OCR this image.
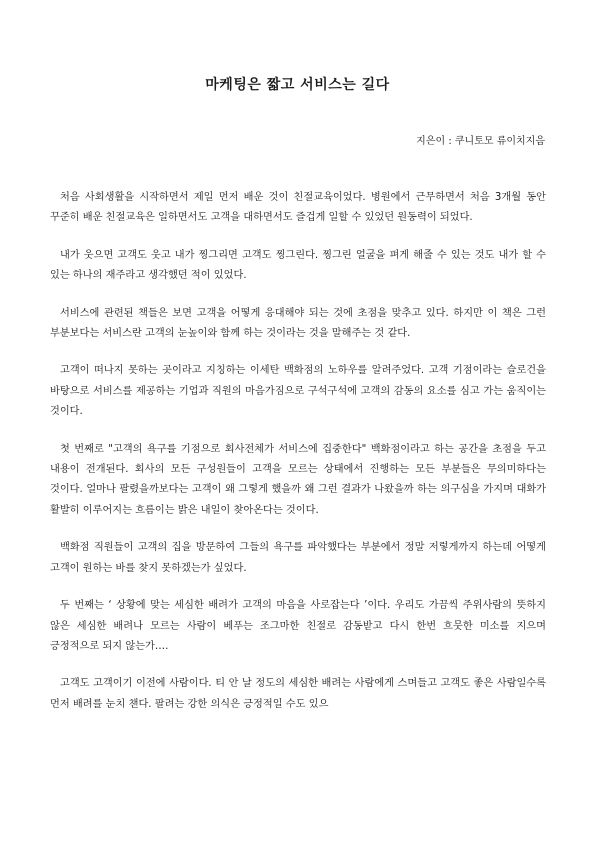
마케팅은 짧고 서비스는 길다
지은이 : 쿠니토모 류이치지음

처음 사회생활을 시작하면서 제일 먼저 배운 것이 친절교육이었다. 병원에서 근무하면서 처음 3개월 동안 꾸준히 배운 친절교육은 일하면서도 고객을 대하면서도 즐겁게 일할 수 있었던 원동력이 되었다.

내가 웃으면 고객도 웃고 내가 찡그리면 고객도 찡그린다. 찡그린 얼굴을 펴게 해줄 수 있는 것도 내가 할 수 있는 하나의 재주라고 생각했던 적이 있었다.

서비스에 관련된 책들은 보면 고객을 어떻게 응대해야 되는 것에 초점을 맞추고 있다. 하지만 이 책은 그런 부분보다는 서비스란 고객의 눈높이와 함께 하는 것이라는 것을 말해주는 것 같다.

고객이 떠나지 못하는 곳이라고 지칭하는 이세탄 백화점의 노하우를 알려주었다. 고객 기점이라는 슬로건을 바탕으로 서비스를 제공하는 기업과 직원의 마음가짐으로 구석구석에 고객의 감동의 요소를 심고 가는 움직이는 것이다.

첫 번째로 "고객의 욕구를 기점으로 회사전체가 서비스에 집중한다" 백화점이라고 하는 공간을 초점을 두고 내용이 전개된다. 회사의 모든 구성원들이 고객을 모르는 상태에서 진행하는 모든 부분들은 무의미하다는 것이다. 얼마나 팔렸을까보다는 고객이 왜 그렇게 했을까 왜 그런 결과가 나왔을까 하는 의구심을 가지며 대화가 활발히 이루어지는 흐름이는 밝은 내일이 찾아온다는 것이다.

백화점 직원들이 고객의 집을 방문하여 그들의 욕구를 파악했다는 부분에서 정말 저렇게까지 하는데 어떻게 고객이 원하는 바를 찾지 못하겠는가 싶었다.

두 번째는 ‘ 상황에 맞는 세심한 배려가 고객의 마음을 사로잡는다 ’이다. 우리도 가끔씩 주위사람의 뜻하지 않은 세심한 배려나 모르는 사람이 베푸는 조그마한 친절로 감동받고 다시 한번 흐뭇한 미소를 지으며 긍정적으로 되지 않는가….

고객도 고객이기 이전에 사람이다. 티 안 날 정도의 세심한 배려는 사람에게 스며들고 고객도 좋은 사람일수록 먼저 배려를 눈치 챈다. 팔려는 강한 의식은 긍정적일 수도 있으
